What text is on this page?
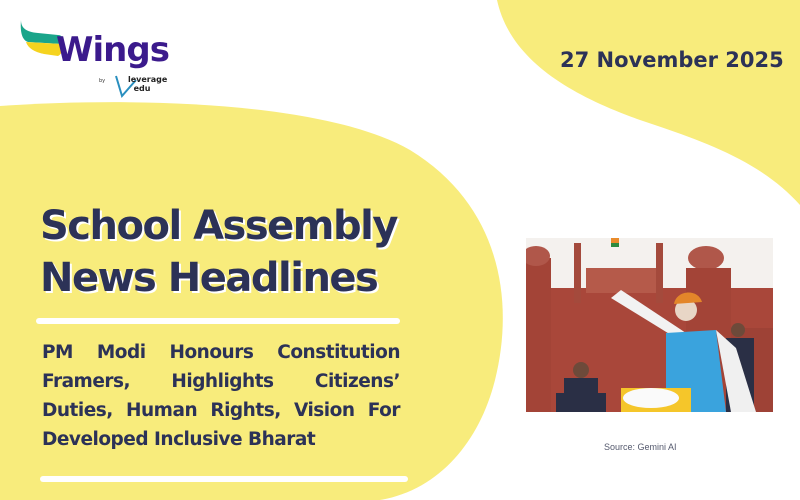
Wings
by	leverage
edu
27 November 2025
School Assembly
News Headlines
PM Modi Honours Constitution Framers, Highlights Citizens’ Duties, Human Rights, Vision For Developed Inclusive Bharat	Source: Gemini AI
